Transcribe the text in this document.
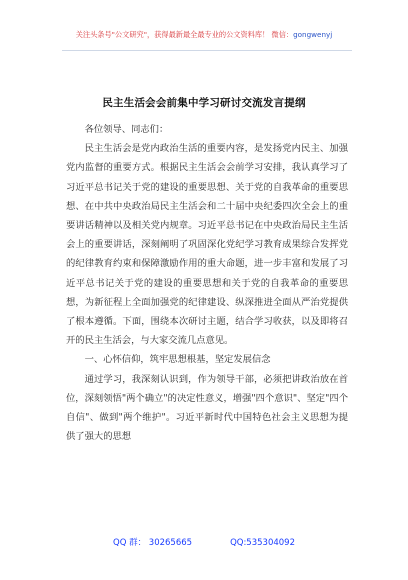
关注头条号"公文研究"，获得最新最全最专业的公文资料库！ 微信：gongwenyj
民主生活会会前集中学习研讨交流发言提纲

各位领导、同志们：

民主生活会是党内政治生活的重要内容，是发扬党内民主、加强党内监督的重要方式。根据民主生活会会前学习安排，我认真学习了习近平总书记关于党的建设的重要思想、关于党的自我革命的重要思想、在中共中央政治局民主生活会和二十届中央纪委四次全会上的重要讲话精神以及相关党内规章。习近平总书记在中央政治局民主生活会上的重要讲话，深刻阐明了巩固深化党纪学习教育成果综合发挥党的纪律教育约束和保障激励作用的重大命题，进一步丰富和发展了习近平总书记关于党的建设的重要思想和关于党的自我革命的重要思想，为新征程上全面加强党的纪律建设、纵深推进全面从严治党提供了根本遵循。下面，围绕本次研讨主题，结合学习收获，以及即将召开的民主生活会，与大家交流几点意见。

一、心怀信仰，筑牢思想根基，坚定发展信念

通过学习，我深刻认识到，作为领导干部，必须把讲政治放在首位，深刻领悟"两个确立"的决定性意义，增强"四个意识"、坚定"四个自信"、做到"两个维护"。习近平新时代中国特色社会主义思想为提供了强大的思想

QQ 群： 30265665	QQ:535304092
